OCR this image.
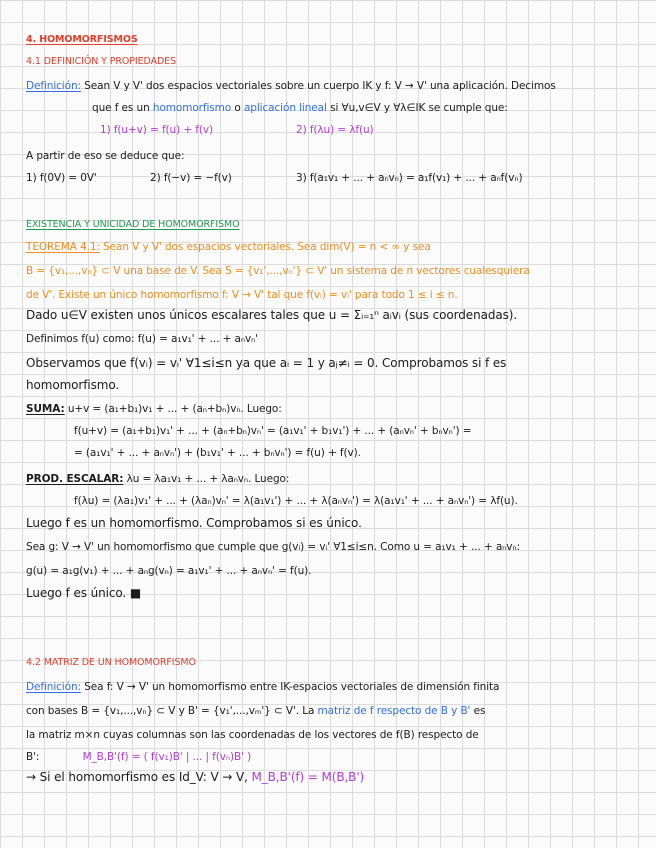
4. HOMOMORFISMOS
4.1 DEFINICIÓN Y PROPIEDADES
Definición: Sean V y V' dos espacios vectoriales sobre un cuerpo IK y f: V → V' una aplicación. Decimos
que f es un homomorfismo o aplicación lineal si ∀u,v∈V y ∀λ∈IK se cumple que:
1) f(u+v) = f(u) + f(v)	2) f(λu) = λf(u)
A partir de eso se deduce que:
1) f(0V) = 0V'	2) f(−v) = −f(v)	3) f(a₁v₁ + ... + aₙvₙ) = a₁f(v₁) + ... + aₙf(vₙ)
EXISTENCIA Y UNICIDAD DE HOMOMORFISMO
TEOREMA 4.1: Sean V y V' dos espacios vectoriales. Sea dim(V) = n < ∞ y sea
B = {v₁,...,vₙ} ⊂ V una base de V. Sea S = {v₁',...,vₙ'} ⊂ V' un sistema de n vectores cualesquiera
de V'. Existe un único homomorfismo f: V → V' tal que f(vᵢ) = vᵢ' para todo 1 ≤ i ≤ n.
Dado u∈V existen unos únicos escalares tales que u = Σᵢ₌₁ⁿ aᵢvᵢ (sus coordenadas).
Definimos f(u) como: f(u) = a₁v₁' + ... + aₙvₙ'
Observamos que f(vᵢ) = vᵢ' ∀1≤i≤n ya que aᵢ = 1 y aⱼ≠ᵢ = 0. Comprobamos si f es
homomorfismo.
SUMA: u+v = (a₁+b₁)v₁ + ... + (aₙ+bₙ)vₙ. Luego:
f(u+v) = (a₁+b₁)v₁' + ... + (aₙ+bₙ)vₙ' = (a₁v₁' + b₁v₁') + ... + (aₙvₙ' + bₙvₙ') =
= (a₁v₁' + ... + aₙvₙ') + (b₁v₁' + ... + bₙvₙ') = f(u) + f(v).
PROD. ESCALAR: λu = λa₁v₁ + ... + λaₙvₙ. Luego:
f(λu) = (λa₁)v₁' + ... + (λaₙ)vₙ' = λ(a₁v₁') + ... + λ(aₙvₙ') = λ(a₁v₁' + ... + aₙvₙ') = λf(u).
Luego f es un homomorfismo. Comprobamos si es único.
Sea g: V → V' un homomorfismo que cumple que g(vᵢ) = vᵢ' ∀1≤i≤n. Como u = a₁v₁ + ... + aₙvₙ:
g(u) = a₁g(v₁) + ... + aₙg(vₙ) = a₁v₁' + ... + aₙvₙ' = f(u).
Luego f es único. ■
4.2 MATRIZ DE UN HOMOMORFISMO
Definición: Sea f: V → V' un homomorfismo entre IK-espacios vectoriales de dimensión finita
con bases B = {v₁,...,vₙ} ⊂ V y B' = {v₁',...,vₘ'} ⊂ V'. La matriz de f respecto de B y B' es
la matriz m×n cuyas columnas son las coordenadas de los vectores de f(B) respecto de
B':	M_B,B'(f) = ( f(v₁)B' | ... | f(vₙ)B' )
→ Si el homomorfismo es Id_V: V → V, M_B,B'(f) = M(B,B')
